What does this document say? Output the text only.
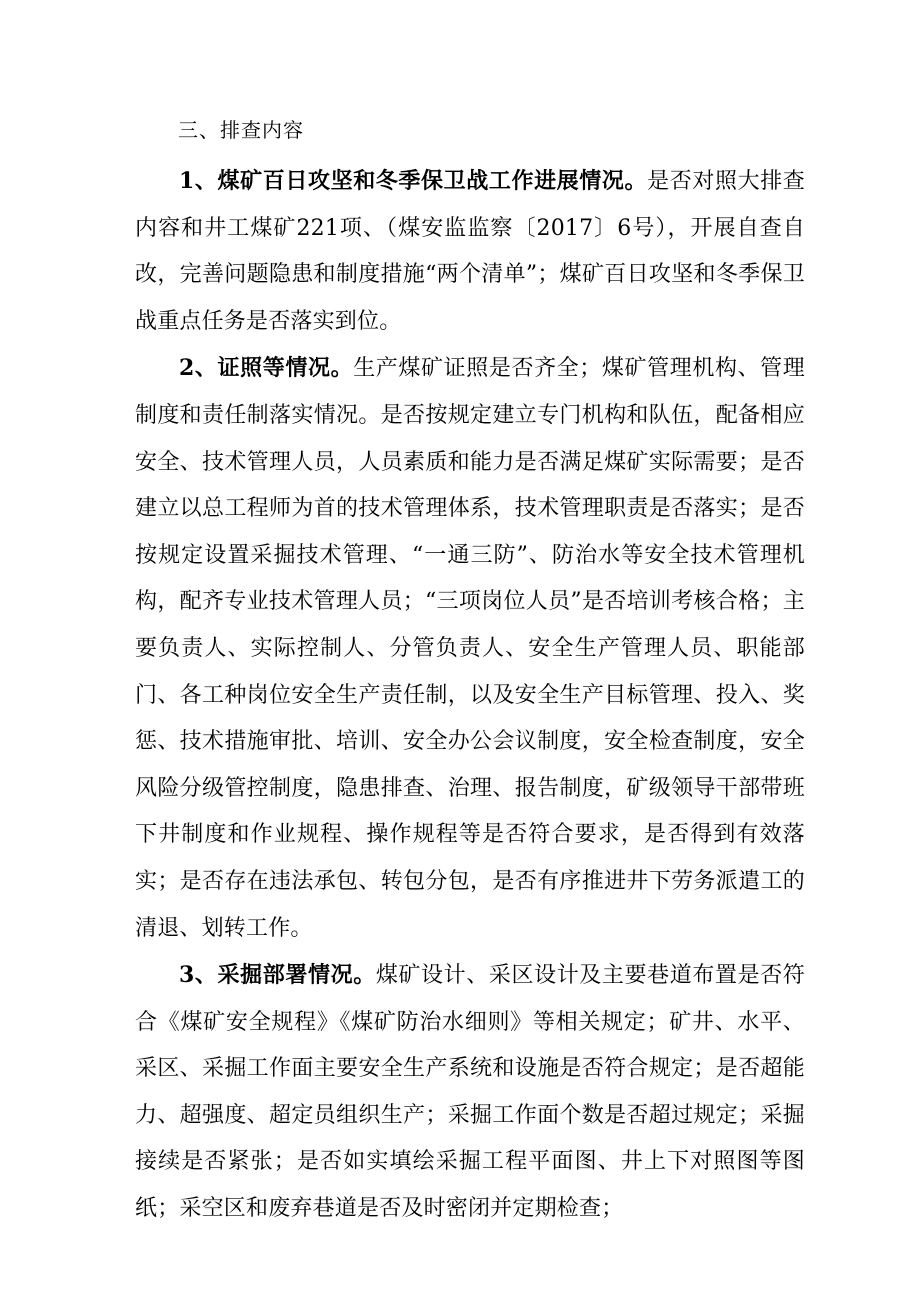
三、排查内容

1、煤矿百日攻坚和冬季保卫战工作进展情况。是否对照大排查内容和井工煤矿221项、（煤安监监察〔2017〕6号），开展自查自改，完善问题隐患和制度措施“两个清单”；煤矿百日攻坚和冬季保卫战重点任务是否落实到位。

2、证照等情况。生产煤矿证照是否齐全；煤矿管理机构、管理制度和责任制落实情况。是否按规定建立专门机构和队伍，配备相应安全、技术管理人员，人员素质和能力是否满足煤矿实际需要；是否建立以总工程师为首的技术管理体系，技术管理职责是否落实；是否按规定设置采掘技术管理、“一通三防”、防治水等安全技术管理机构，配齐专业技术管理人员；“三项岗位人员”是否培训考核合格；主要负责人、实际控制人、分管负责人、安全生产管理人员、职能部门、各工种岗位安全生产责任制，以及安全生产目标管理、投入、奖惩、技术措施审批、培训、安全办公会议制度，安全检查制度，安全风险分级管控制度，隐患排查、治理、报告制度，矿级领导干部带班下井制度和作业规程、操作规程等是否符合要求，是否得到有效落实；是否存在违法承包、转包分包，是否有序推进井下劳务派遣工的清退、划转工作。

3、采掘部署情况。煤矿设计、采区设计及主要巷道布置是否符合《煤矿安全规程》《煤矿防治水细则》等相关规定；矿井、水平、采区、采掘工作面主要安全生产系统和设施是否符合规定；是否超能力、超强度、超定员组织生产；采掘工作面个数是否超过规定；采掘接续是否紧张；是否如实填绘采掘工程平面图、井上下对照图等图纸；采空区和废弃巷道是否及时密闭并定期检查；
